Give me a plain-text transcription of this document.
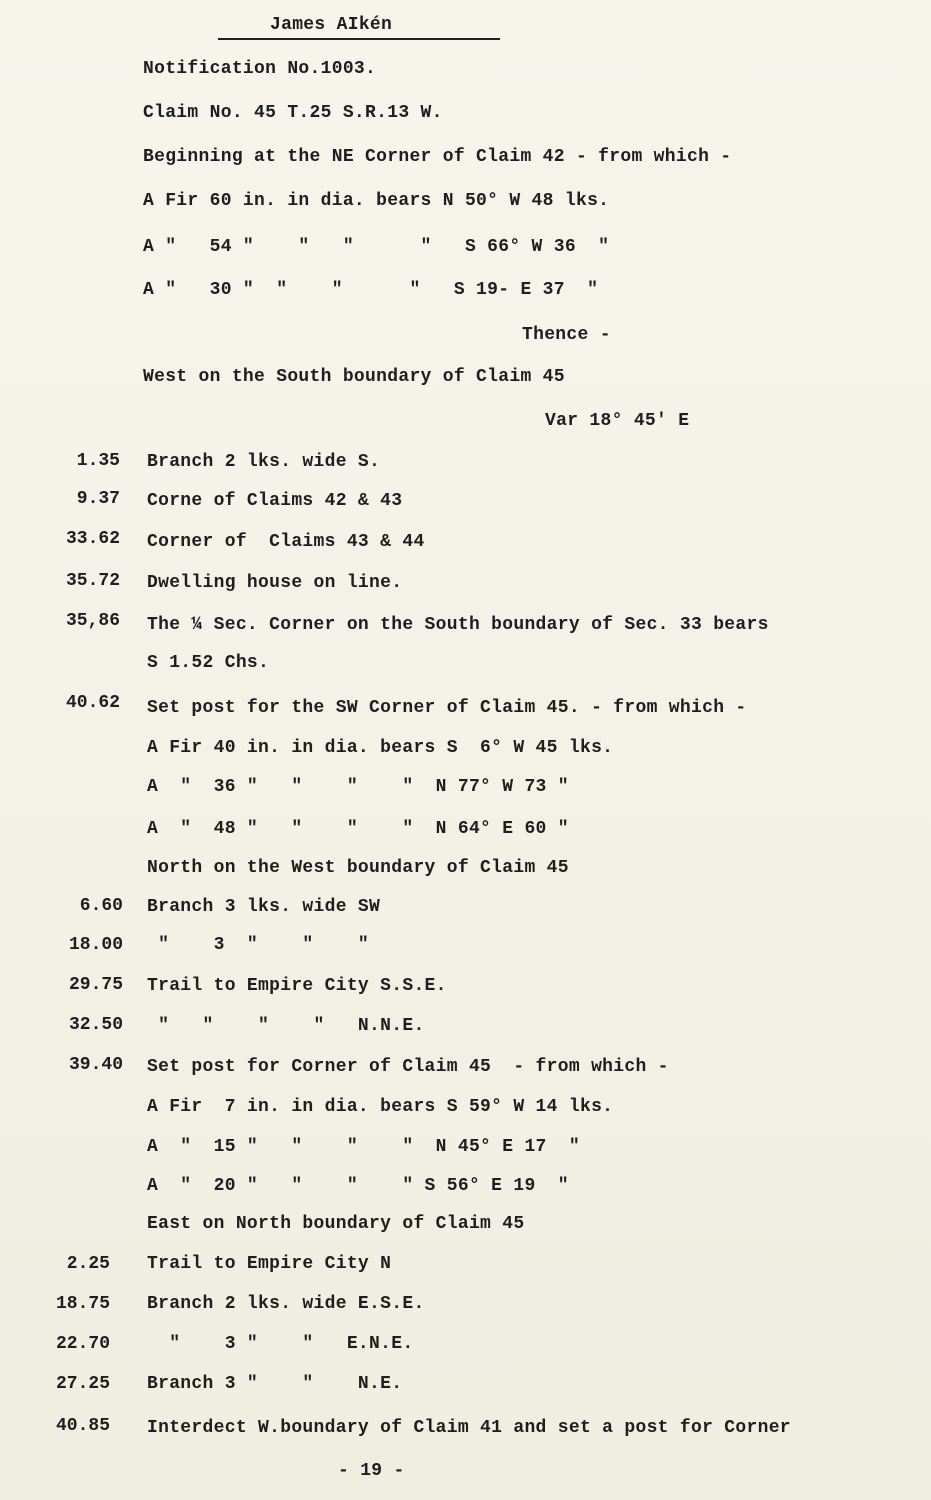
James AIkén
Notification No.1003.
Claim No. 45 T.25 S.R.13 W.
Beginning at the NE Corner of Claim 42 - from which -
A Fir 60 in. in dia. bears N 50° W 48 lks.
A "   54 "    "   "      "   S 66° W 36  "
A "   30 "  "    "      "   S 19- E 37  "
Thence -
West on the South boundary of Claim 45
Var 18° 45' E
1.35 Branch 2 lks. wide S.
9.37 Corne of Claims 42 & 43
33.62 Corner of  Claims 43 & 44
35.72 Dwelling house on line.
35,86 The ¼ Sec. Corner on the South boundary of Sec. 33 bears
S 1.52 Chs.
40.62 Set post for the SW Corner of Claim 45. - from which -
A Fir 40 in. in dia. bears S  6° W 45 lks.
A  "  36 "   "    "    "  N 77° W 73 "
A  "  48 "   "    "    "  N 64° E 60 "
North on the West boundary of Claim 45
6.60 Branch 3 lks. wide SW
18.00 "    3  "    "    "
29.75 Trail to Empire City S.S.E.
32.50 "   "    "    "   N.N.E.
39.40 Set post for Corner of Claim 45  - from which -
A Fir  7 in. in dia. bears S 59° W 14 lks.
A  "  15 "   "    "    "  N 45° E 17  "
A  "  20 "   "    "    " S 56° E 19  "
East on North boundary of Claim 45
2.25 Trail to Empire City N
18.75 Branch 2 lks. wide E.S.E.
22.70 "    3 "    "   E.N.E.
27.25 Branch 3 "    "    N.E.
40.85 Interdect W.boundary of Claim 41 and set a post for Corner
- 19 -
